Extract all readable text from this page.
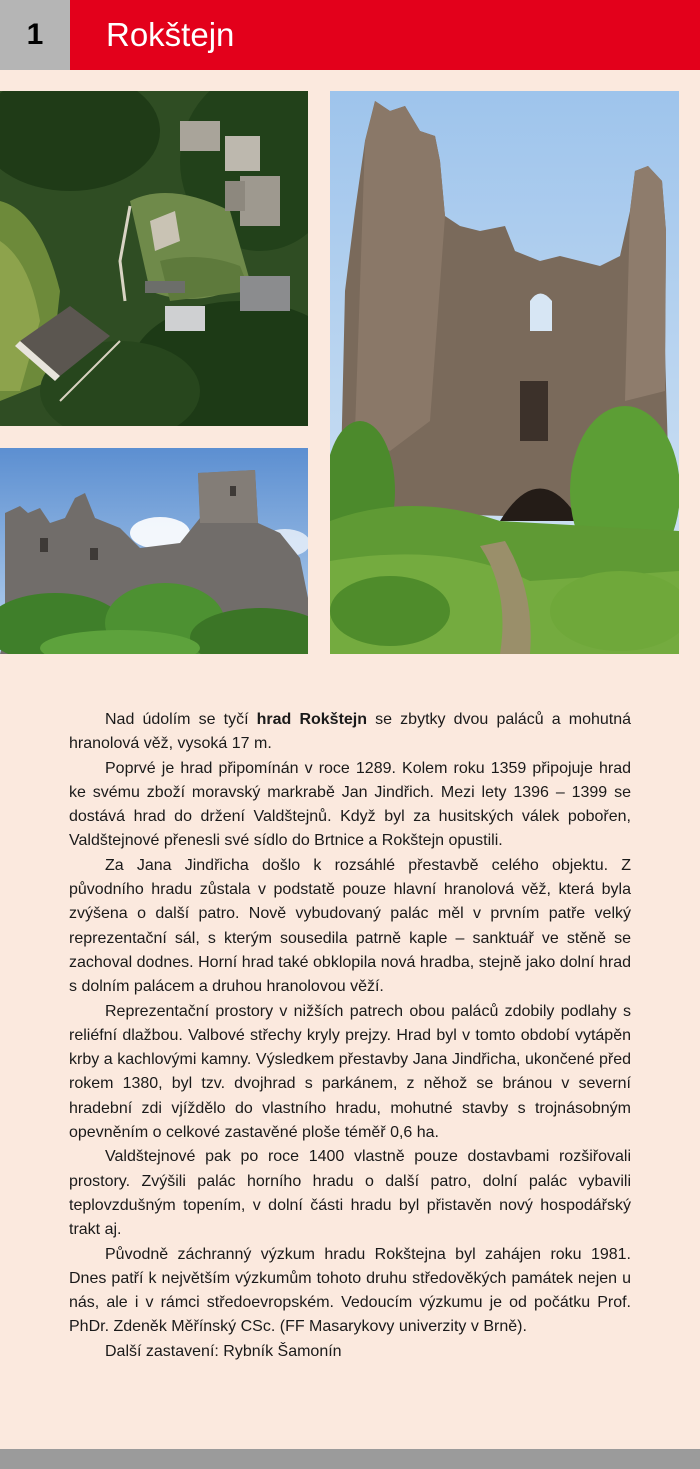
1	Rokštejn

Nad údolím se tyčí hrad Rokštejn se zbytky dvou paláců a mohutná hranolová věž, vysoká 17 m.

Poprvé je hrad připomínán v roce 1289. Kolem roku 1359 připojuje hrad ke svému zboží moravský markrabě Jan Jindřich. Mezi lety 1396 – 1399 se dostává hrad do držení Valdštejnů. Když byl za husitských válek pobořen, Valdštejnové přenesli své sídlo do Brtnice a Rokštejn opustili.

Za Jana Jindřicha došlo k rozsáhlé přestavbě celého objektu. Z původního hradu zůstala v podstatě pouze hlavní hranolová věž, která byla zvýšena o další patro. Nově vybudovaný palác měl v prvním patře velký reprezentační sál, s kterým sousedila patrně kaple – sanktuář ve stěně se zachoval dodnes. Horní hrad také obklopila nová hradba, stejně jako dolní hrad s dolním palácem a druhou hranolovou věží.

Reprezentační prostory v nižších patrech obou paláců zdobily podlahy s reliéfní dlažbou. Valbové střechy kryly prejzy. Hrad byl v tomto období vytápěn krby a kachlovými kamny. Výsledkem přestavby Jana Jindřicha, ukončené před rokem 1380, byl tzv. dvojhrad s parkánem, z něhož se bránou v severní hradební zdi vjíždělo do vlastního hradu, mohutné stavby s trojnásobným opevněním o celkové zastavěné ploše téměř 0,6 ha.

Valdštejnové pak po roce 1400 vlastně pouze dostavbami rozšiřovali prostory. Zvýšili palác horního hradu o další patro, dolní palác vybavili teplovzdušným topením, v dolní části hradu byl přistavěn nový hospodářský trakt aj.

Původně záchranný výzkum hradu Rokštejna byl zahájen roku 1981. Dnes patří k největším výzkumům tohoto druhu středověkých památek nejen u nás, ale i v rámci středoevropském. Vedoucím výzkumu je od počátku Prof. PhDr. Zdeněk Měřínský CSc. (FF Masarykovy univerzity v Brně).

Další zastavení: Rybník Šamonín
